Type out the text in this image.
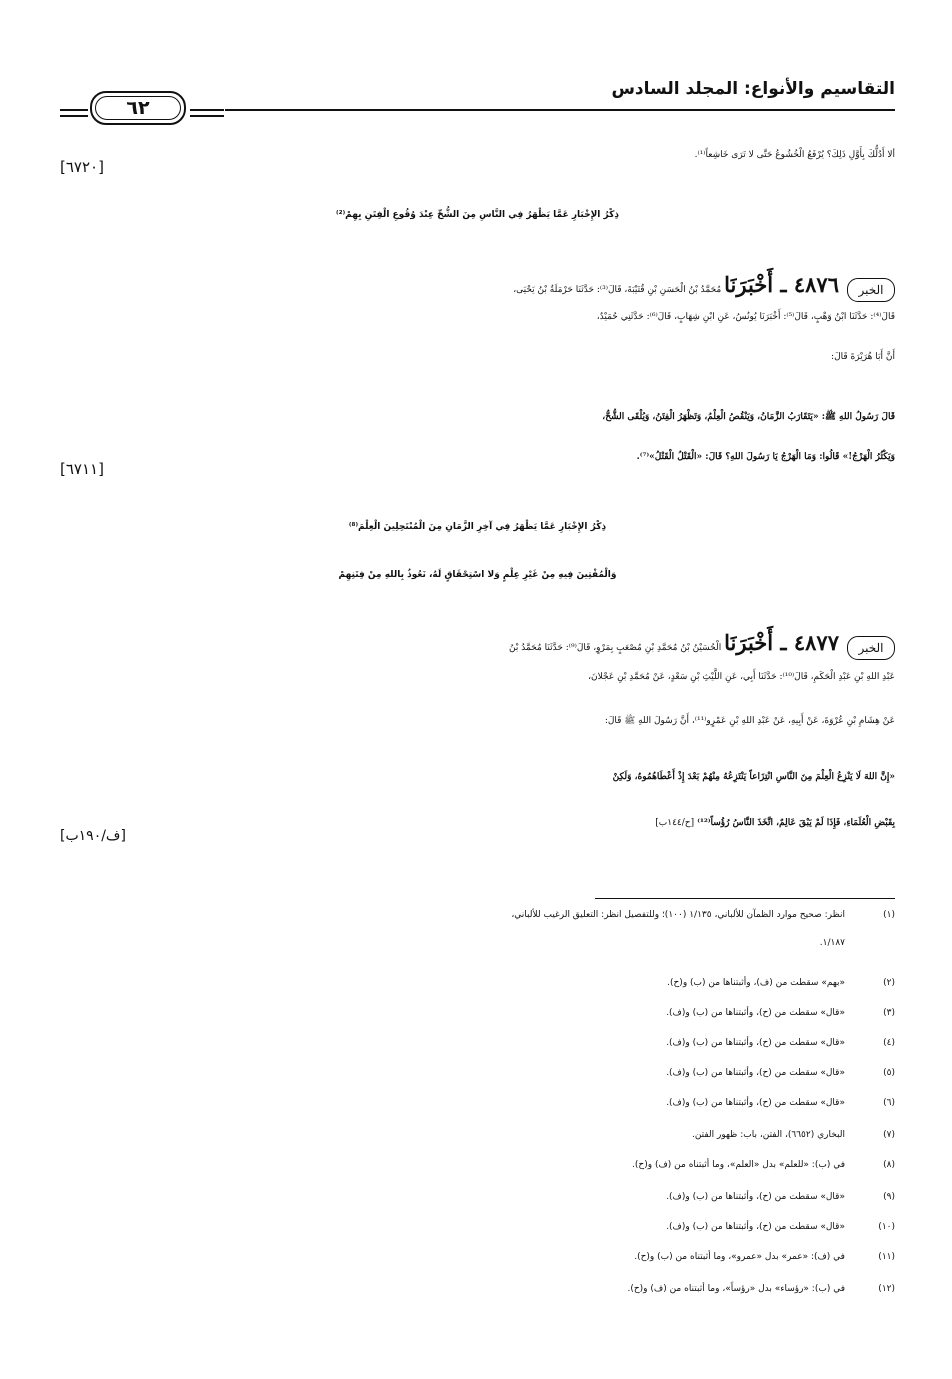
التقاسيم والأنواع: المجلد السادس
٦٢
ألا أَدُلُّكَ بِأَوَّلِ ذَلِكَ؟ يُرْفَعُ الْخُشُوعُ حَتَّى لا تَرَى خَاشِعاً⁽¹⁾.
[٦٧٢٠]
ذِكْرُ الإِخْبَارِ عَمَّا يَظْهَرُ فِي النَّاسِ مِنَ الشُّحِّ عِنْدَ وُقُوعِ الْفِتَنِ بِهِمْ⁽²⁾
الخبر٤٨٧٦ ـ أَخْبَرَنَا مُحَمَّدُ بْنُ الْحَسَنِ بْنِ قُتَيْبَةَ، قَالَ⁽³⁾: حَدَّثَنَا حَرْمَلَةُ بْنُ يَحْيَى،
قَالَ⁽⁴⁾: حَدَّثَنَا ابْنُ وَهْبٍ، قَالَ⁽⁵⁾: أَخْبَرَنَا يُونُسُ، عَنِ ابْنِ شِهَابٍ، قَالَ⁽⁶⁾: حَدَّثَنِي حُمَيْدٌ،
أَنَّ أَبَا هُرَيْرَةَ قَالَ:
قَالَ رَسُولُ اللهِ ﷺ: «يَتَقَارَبُ الزَّمَانُ، وَيَنْقُصُ الْعِلْمُ، وَتَظْهَرُ الْفِتَنُ، وَيُلْقَى الشُّحُّ،
وَيَكْثُرُ الْهَرْجُ!» قَالُوا: وَمَا الْهَرْجُ يَا رَسُولَ اللهِ؟ قَالَ: «الْقَتْلُ الْقَتْلُ»⁽⁷⁾.
[٦٧١١]
ذِكْرُ الإِخْبَارِ عَمَّا يَظْهَرُ فِي آخِرِ الزَّمَانِ مِنَ الْمُنْتَحِلِينَ الْعِلْمَ⁽⁸⁾
وَالْمُفْتِينَ فِيهِ مِنْ غَيْرِ عِلْمٍ وَلا اسْتِحْقَاقٍ لَهُ، نَعُوذُ بِاللهِ مِنْ فِتَنِهِمْ
الخبر٤٨٧٧ ـ أَخْبَرَنَا الْحُسَيْنُ بْنُ مُحَمَّدِ بْنِ مُصْعَبٍ بِمَرْوٍ، قَالَ⁽⁹⁾: حَدَّثَنَا مُحَمَّدُ بْنُ
عَبْدِ اللهِ بْنِ عَبْدِ الْحَكَمِ، قَالَ⁽¹⁰⁾: حَدَّثَنَا أَبِي، عَنِ اللَّيْثِ بْنِ سَعْدٍ، عَنْ مُحَمَّدِ بْنِ عَجْلانَ،
عَنْ هِشَامِ بْنِ عُرْوَةَ، عَنْ أَبِيهِ، عَنْ عَبْدِ اللهِ بْنِ عَمْرٍو⁽¹¹⁾، أَنَّ رَسُولَ اللهِ ﷺ قَالَ:
«إِنَّ اللهَ لَا يَنْزِعُ الْعِلْمَ مِنَ النَّاسِ انْتِزَاعاً يَنْتَزِعُهُ مِنْهُمْ بَعْدَ إِذْ أَعْطَاهُمُوهُ، وَلَكِنْ
بِقَبْضِ الْعُلَمَاءِ، فَإِذَا لَمْ يَبْقَ عَالِمٌ، اتَّخَذَ النَّاسُ رُؤُساً⁽¹²⁾ [ح/١٤٤ب]
[ف/١٩٠ب]
(١)انظر: صحيح موارد الظمآن للألباني، ١/١٣٥ (١٠٠)؛ وللتفصيل انظر: التعليق الرغيب للألباني،
١/١٨٧.
(٢)«بهم» سقطت من (ف)، وأثبتناها من (ب) و(ح).
(٣)«قال» سقطت من (ح)، وأثبتناها من (ب) و(ف).
(٤)«قال» سقطت من (ح)، وأثبتناها من (ب) و(ف).
(٥)«قال» سقطت من (ح)، وأثبتناها من (ب) و(ف).
(٦)«قال» سقطت من (ح)، وأثبتناها من (ب) و(ف).
(٧)البخاري (٦٦٥٢)، الفتن، باب: ظهور الفتن.
(٨)في (ب): «للعلم» بدل «العلم»، وما أثبتناه من (ف) و(ح).
(٩)«قال» سقطت من (ح)، وأثبتناها من (ب) و(ف).
(١٠)«قال» سقطت من (ح)، وأثبتناها من (ب) و(ف).
(١١)في (ف): «عمر» بدل «عمرو»، وما أثبتناه من (ب) و(ح).
(١٢)في (ب): «رؤساء» بدل «رؤساً»، وما أثبتناه من (ف) و(ح).
